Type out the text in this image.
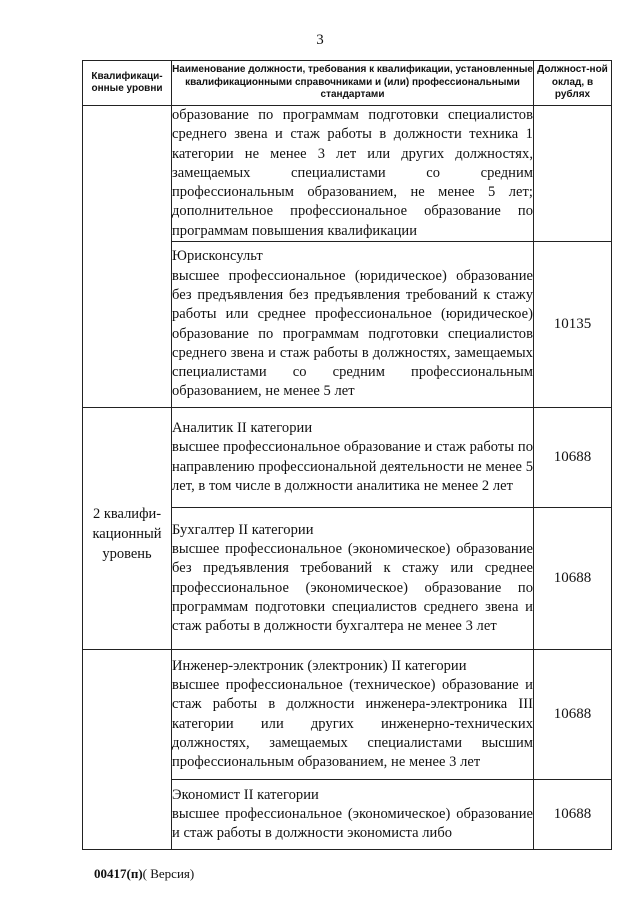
3
Квалификаци-онные уровни	Наименование должности, требования к квалификации, установленные квалификационными справочниками и (или) профессиональными стандартами	Должност-ной оклад, в рублях

	образование по программам подготовки специалистов среднего звена и стаж работы в должности техника 1 категории не менее 3 лет или других должностях, замещаемых специалистами со средним профессиональным образованием, не менее 5 лет; дополнительное профессиональное образование по программам повышения квалификации	

	Юрисконсульт
высшее профессиональное (юридическое) образование без предъявления без предъявления требований к стажу работы или среднее профессиональное (юридическое) образование по программам подготовки специалистов среднего звена и стаж работы в должностях, замещаемых специалистами со средним профессиональным образованием, не менее 5 лет	10135

2 квалифи-кационный уровень	Аналитик II категории
высшее профессиональное образование и стаж работы по направлению профессиональной деятельности не менее 5 лет, в том числе в должности аналитика не менее 2 лет	10688

	Бухгалтер II категории
высшее профессиональное (экономическое) образование без предъявления требований к стажу или среднее профессиональное (экономическое) образование по программам подготовки специалистов среднего звена и стаж работы в должности бухгалтера не менее 3 лет	10688

	Инженер-электроник (электроник) II категории
высшее профессиональное (техническое) образование и стаж работы в должности инженера-электроника III категории или других инженерно-технических должностях, замещаемых специалистами высшим профессиональным образованием, не менее 3 лет	10688

	Экономист II категории
высшее профессиональное (экономическое) образование и стаж работы в должности экономиста либо	10688
00417(п)( Версия)
